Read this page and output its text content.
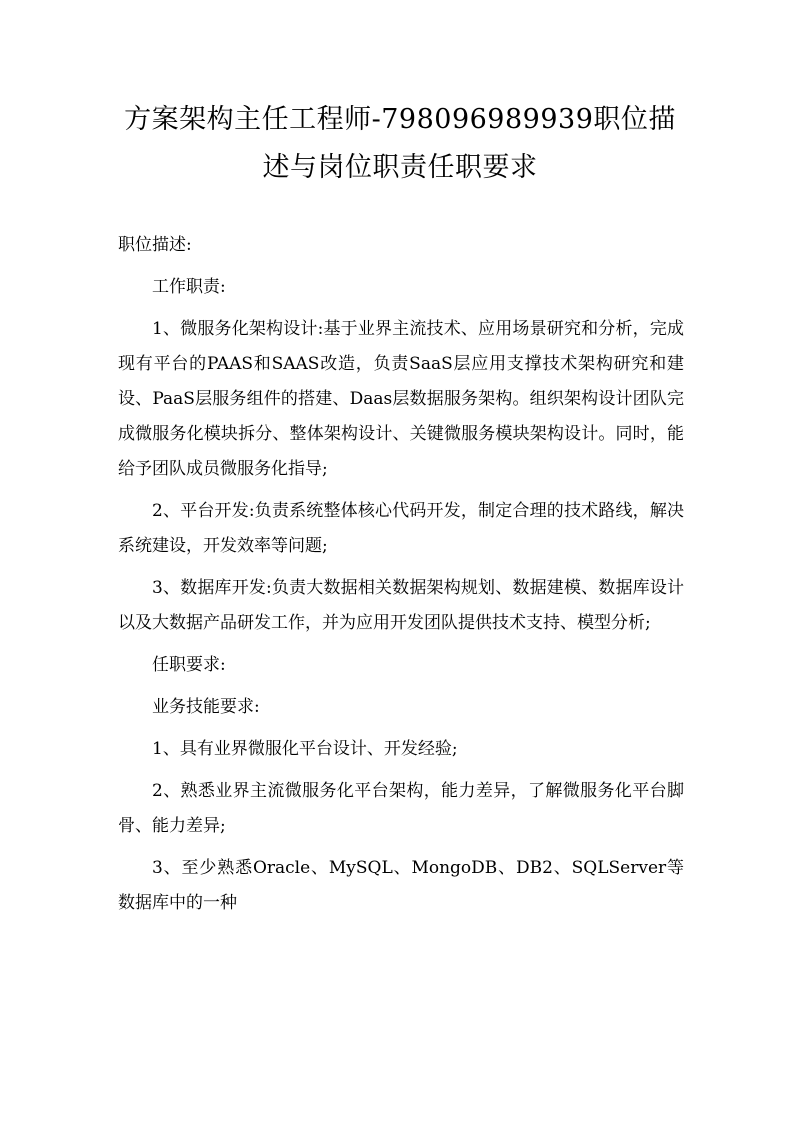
方案架构主任工程师-798096989939职位描
述与岗位职责任职要求

职位描述:

工作职责:

1、微服务化架构设计:基于业界主流技术、应用场景研究和分析，完成现有平台的PAAS和SAAS改造，负责SaaS层应用支撑技术架构研究和建设、PaaS层服务组件的搭建、Daas层数据服务架构。组织架构设计团队完成微服务化模块拆分、整体架构设计、关键微服务模块架构设计。同时，能给予团队成员微服务化指导;

2、平台开发:负责系统整体核心代码开发，制定合理的技术路线，解决系统建设，开发效率等问题;

3、数据库开发:负责大数据相关数据架构规划、数据建模、数据库设计以及大数据产品研发工作，并为应用开发团队提供技术支持、模型分析;

任职要求:

业务技能要求:

1、具有业界微服化平台设计、开发经验;

2、熟悉业界主流微服务化平台架构，能力差异，了解微服务化平台脚骨、能力差异;

3、至少熟悉Oracle、MySQL、MongoDB、DB2、SQLServer等数据库中的一种
